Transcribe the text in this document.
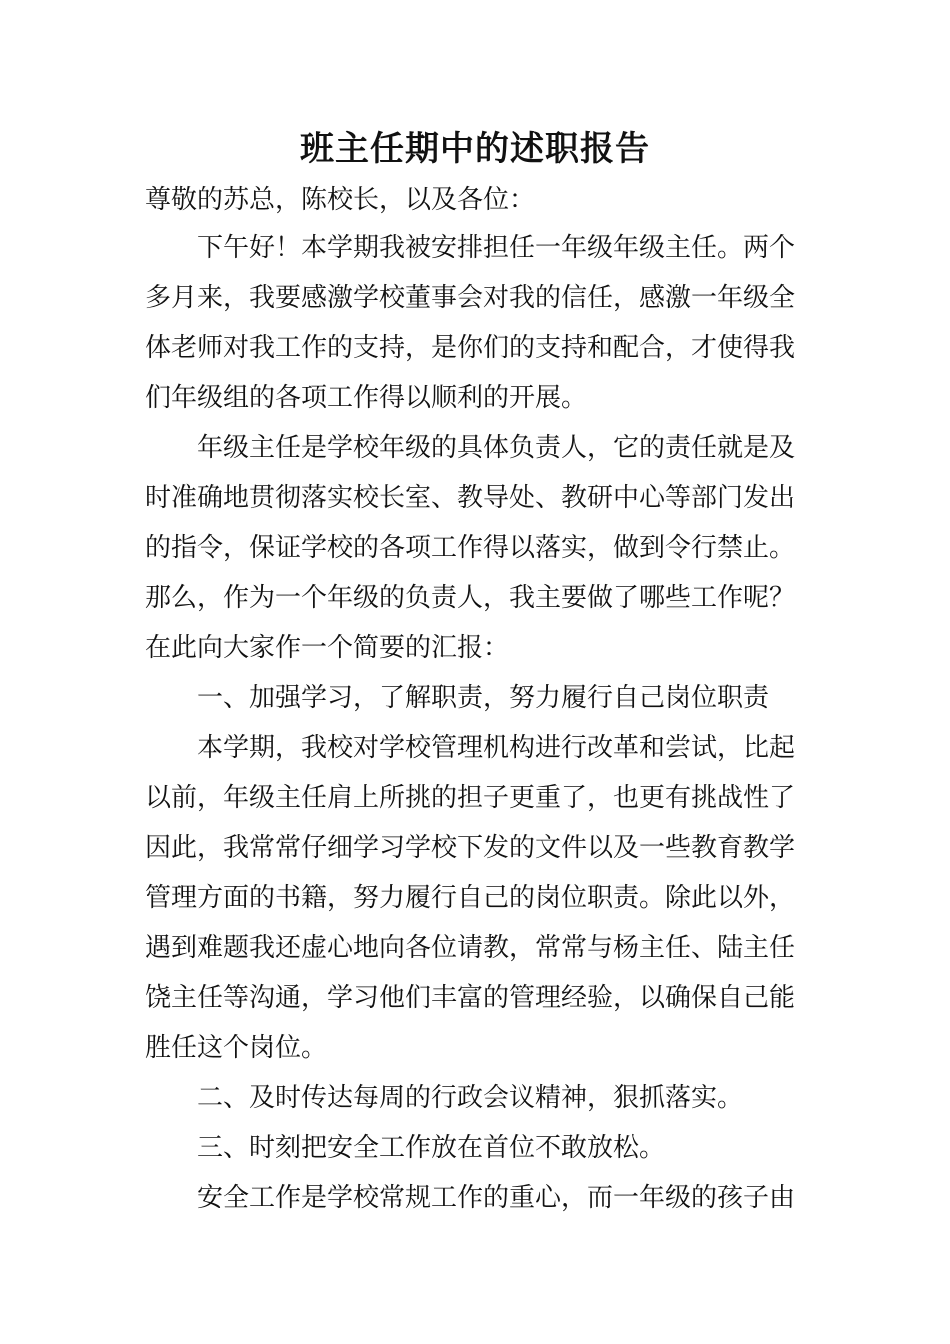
班主任期中的述职报告
尊敬的苏总，陈校长，以及各位：
下午好！本学期我被安排担任一年级年级主任。两个
多月来，我要感激学校董事会对我的信任，感激一年级全
体老师对我工作的支持，是你们的支持和配合，才使得我
们年级组的各项工作得以顺利的开展。
年级主任是学校年级的具体负责人，它的责任就是及
时准确地贯彻落实校长室、教导处、教研中心等部门发出
的指令，保证学校的各项工作得以落实，做到令行禁止。
那么，作为一个年级的负责人，我主要做了哪些工作呢？
在此向大家作一个简要的汇报：
一、加强学习，了解职责，努力履行自己岗位职责
本学期，我校对学校管理机构进行改革和尝试，比起
以前，年级主任肩上所挑的担子更重了，也更有挑战性了
因此，我常常仔细学习学校下发的文件以及一些教育教学
管理方面的书籍，努力履行自己的岗位职责。除此以外，
遇到难题我还虚心地向各位请教，常常与杨主任、陆主任
饶主任等沟通，学习他们丰富的管理经验，以确保自己能
胜任这个岗位。
二、及时传达每周的行政会议精神，狠抓落实。
三、时刻把安全工作放在首位不敢放松。
安全工作是学校常规工作的重心，而一年级的孩子由
